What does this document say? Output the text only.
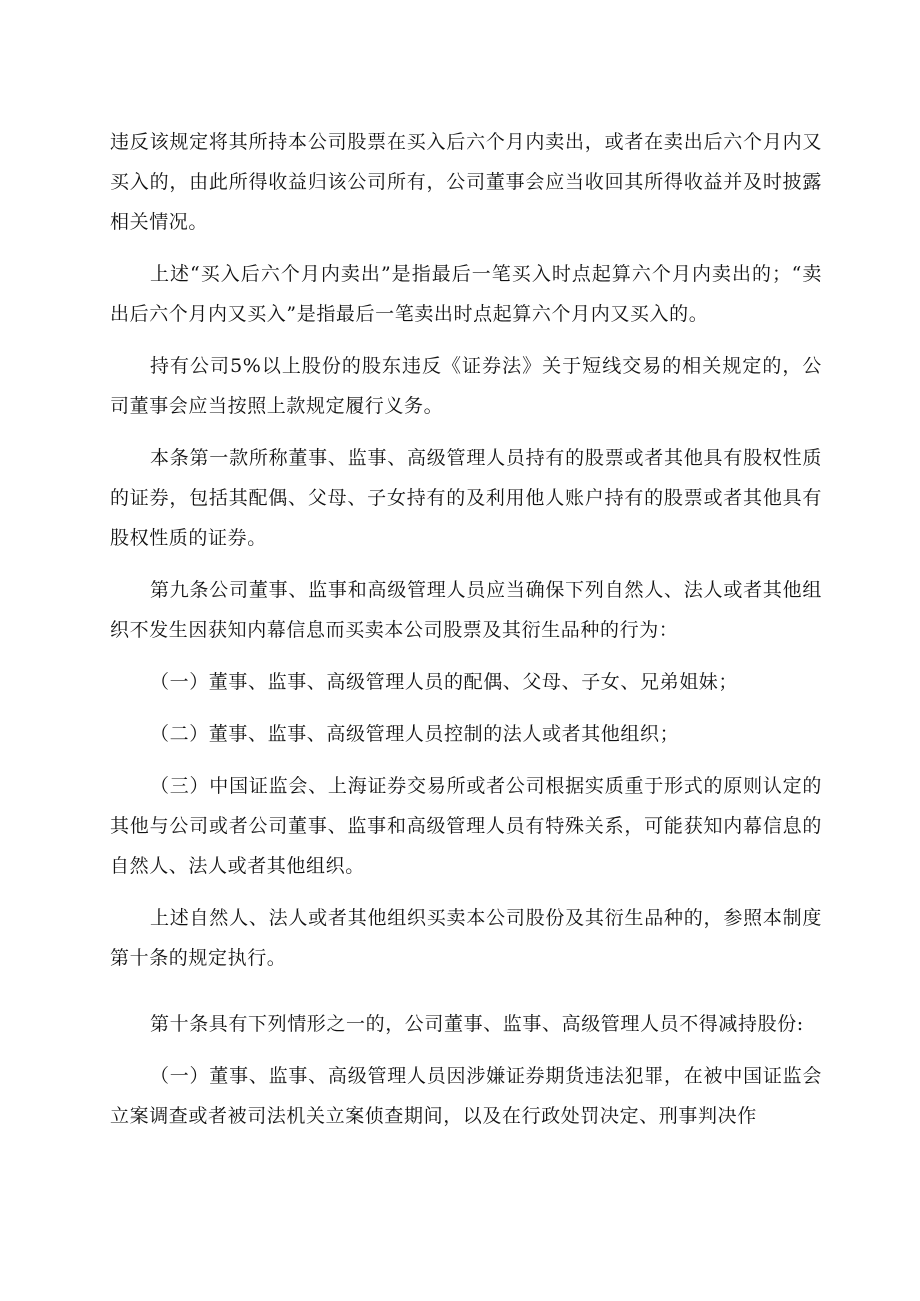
违反该规定将其所持本公司股票在买入后六个月内卖出，或者在卖出后六个月内又买入的，由此所得收益归该公司所有，公司董事会应当收回其所得收益并及时披露相关情况。

上述“买入后六个月内卖出”是指最后一笔买入时点起算六个月内卖出的；“卖出后六个月内又买入”是指最后一笔卖出时点起算六个月内又买入的。

持有公司5%以上股份的股东违反《证券法》关于短线交易的相关规定的，公司董事会应当按照上款规定履行义务。

本条第一款所称董事、监事、高级管理人员持有的股票或者其他具有股权性质的证券，包括其配偶、父母、子女持有的及利用他人账户持有的股票或者其他具有股权性质的证券。

第九条公司董事、监事和高级管理人员应当确保下列自然人、法人或者其他组织不发生因获知内幕信息而买卖本公司股票及其衍生品种的行为：

（一）董事、监事、高级管理人员的配偶、父母、子女、兄弟姐妹；

（二）董事、监事、高级管理人员控制的法人或者其他组织；

（三）中国证监会、上海证券交易所或者公司根据实质重于形式的原则认定的其他与公司或者公司董事、监事和高级管理人员有特殊关系，可能获知内幕信息的自然人、法人或者其他组织。

上述自然人、法人或者其他组织买卖本公司股份及其衍生品种的，参照本制度第十条的规定执行。

第十条具有下列情形之一的，公司董事、监事、高级管理人员不得减持股份:

（一）董事、监事、高级管理人员因涉嫌证券期货违法犯罪，在被中国证监会立案调查或者被司法机关立案侦查期间，以及在行政处罚决定、刑事判决作
